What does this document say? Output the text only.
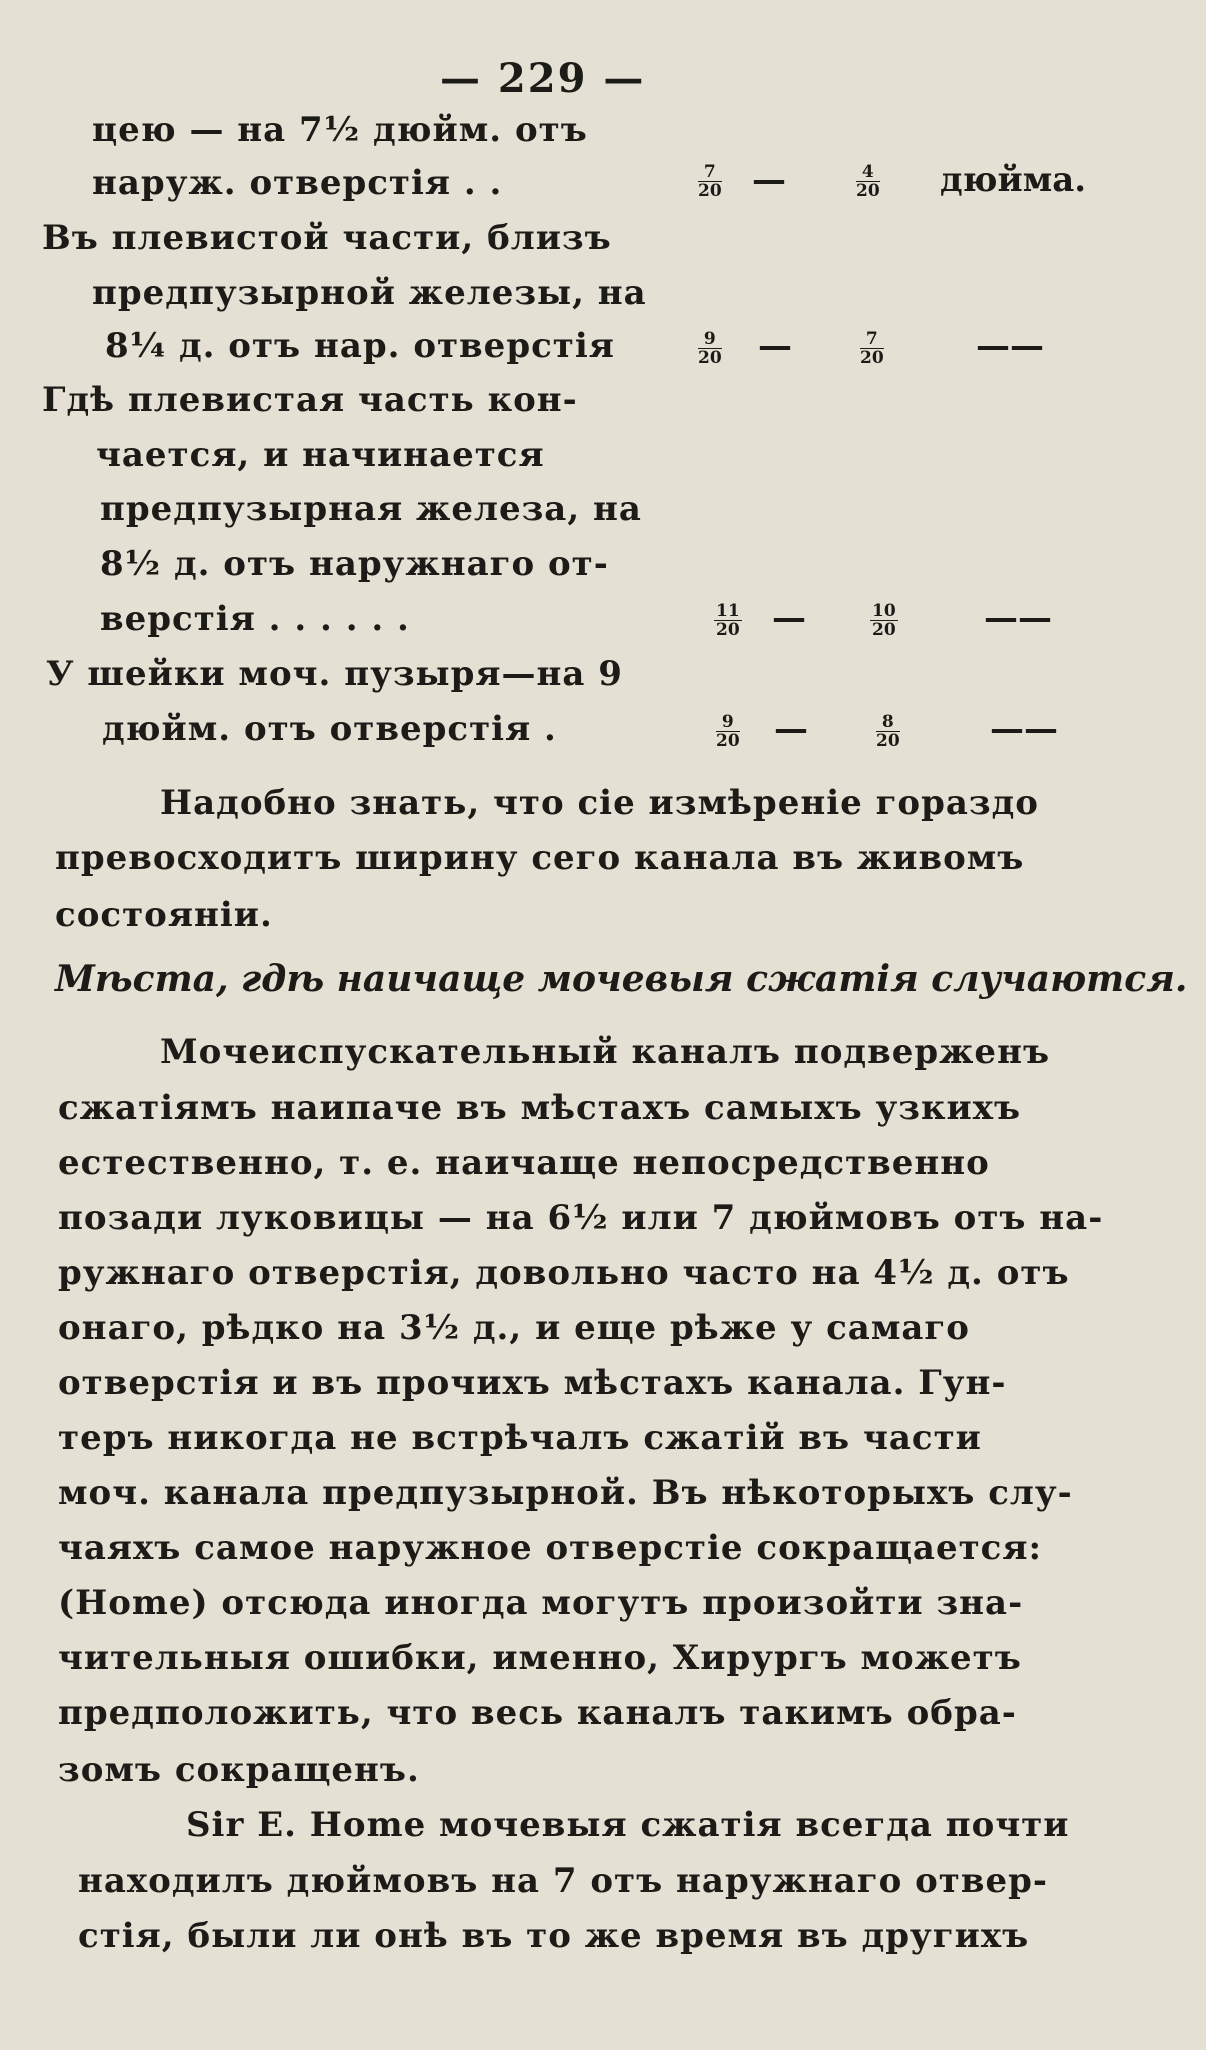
— 229 —
цею — на 7½ дюйм. отъ
наруж. отверстія . .	$\frac{7}{20}$ —	$\frac{4}{20}$ дюйма.
Въ плевистой части, близъ
предпузырной железы, на
8¼ д. отъ нар. отверстія	$\frac{9}{20}$ —	$\frac{7}{20}$	——
Гдѣ плевистая часть кон-
чается, и начинается
предпузырная железа, на
8½ д. отъ наружнаго от-
верстія . . . . . .	$\frac{11}{20}$ —	$\frac{10}{20}$	——
У шейки моч. пузыря—на 9
дюйм. отъ отверстія .	$\frac{9}{20}$ —	$\frac{8}{20}$	——
Надобно знать, что сіе измѣреніе гораздо
превосходитъ ширину сего канала въ живомъ
состояніи.
Мѣста, гдѣ наичаще мочевыя сжатія случаются.
Мочеиспускательный каналъ подверженъ
сжатіямъ наипаче въ мѣстахъ самыхъ узкихъ
естественно, т. е. наичаще непосредственно
позади луковицы — на 6½ или 7 дюймовъ отъ на-
ружнаго отверстія, довольно часто на 4½ д. отъ
онаго, рѣдко на 3½ д., и еще рѣже у самаго
отверстія и въ прочихъ мѣстахъ канала. Гун-
теръ никогда не встрѣчалъ сжатій въ части
моч. канала предпузырной. Въ нѣкоторыхъ слу-
чаяхъ самое наружное отверстіе сокращается:
(Home) отсюда иногда могутъ произойти зна-
чительныя ошибки, именно, Хирургъ можетъ
предположить, что весь каналъ такимъ обра-
зомъ сокращенъ.
Sir E. Home мочевыя сжатія всегда почти
находилъ дюймовъ на 7 отъ наружнаго отвер-
стія, были ли онѣ въ то же время въ другихъ
